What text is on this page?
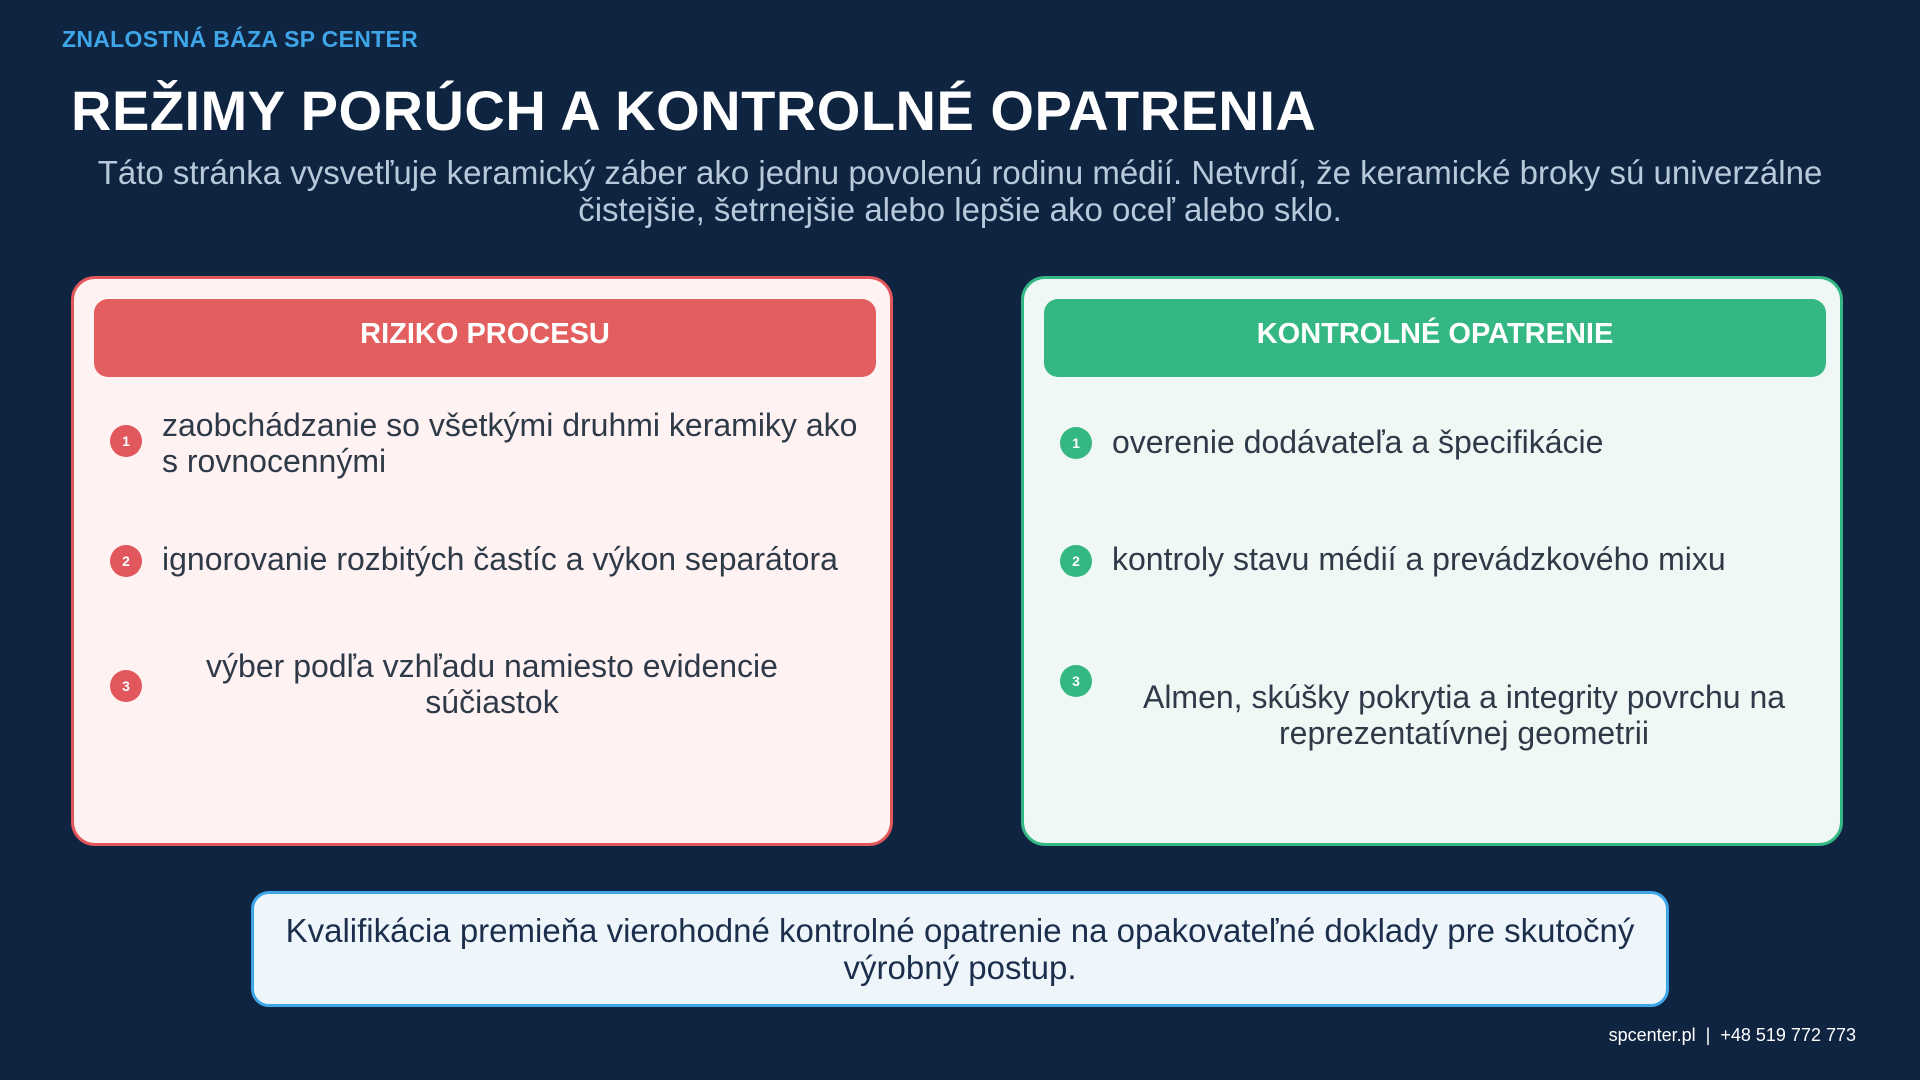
ZNALOSTNÁ BÁZA SP CENTER
REŽIMY PORÚCH A KONTROLNÉ OPATRENIA
Táto stránka vysvetľuje keramický záber ako jednu povolenú rodinu médií. Netvrdí, že keramické broky sú univerzálne čistejšie, šetrnejšie alebo lepšie ako oceľ alebo sklo.
RIZIKO PROCESU
1	zaobchádzanie so všetkými druhmi keramiky ako s rovnocennými
2	ignorovanie rozbitých častíc a výkon separátora
3
výber podľa vzhľadu namiesto evidencie súčiastok
KONTROLNÉ OPATRENIE
1	overenie dodávateľa a špecifikácie
2	kontroly stavu médií a prevádzkového mixu
3	Almen, skúšky pokrytia a integrity povrchu na reprezentatívnej geometrii
Kvalifikácia premieňa vierohodné kontrolné opatrenie na opakovateľné doklady pre skutočný výrobný postup.
spcenter.pl | +48 519 772 773
